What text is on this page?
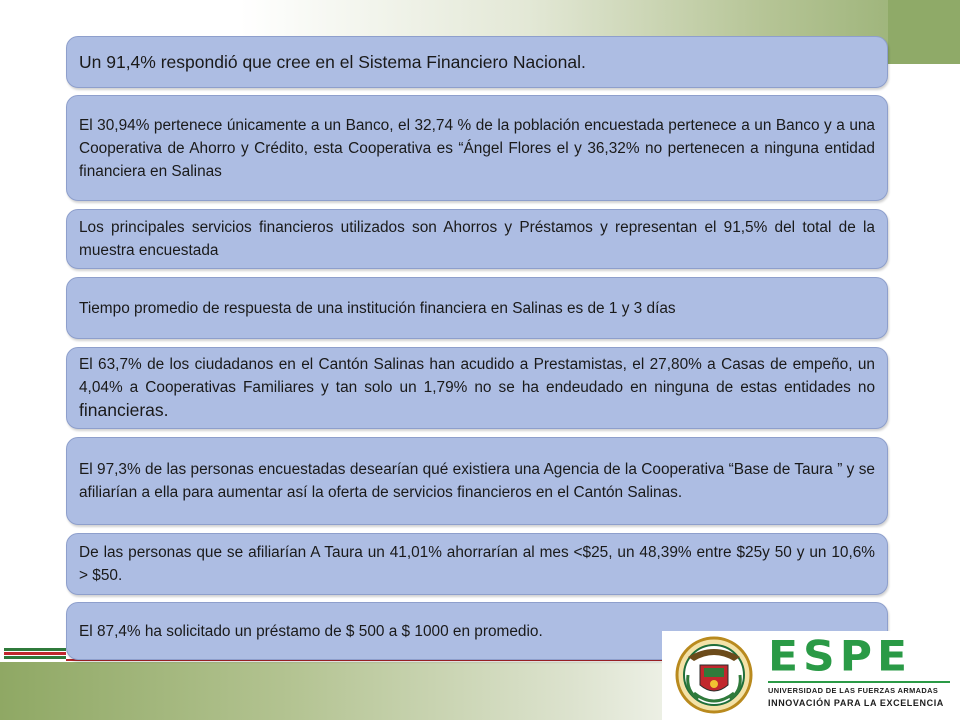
Un 91,4% respondió que cree en el Sistema Financiero Nacional.

El 30,94% pertenece únicamente a un Banco, el 32,74 % de la población encuestada pertenece a un Banco y a una Cooperativa de Ahorro y Crédito, esta Cooperativa es “Ángel Flores el y 36,32% no pertenecen a ninguna entidad financiera en Salinas

Los principales servicios financieros utilizados son Ahorros y Préstamos y representan el 91,5% del total de la muestra encuestada

Tiempo promedio de respuesta de una institución financiera en Salinas es de 1 y 3 días

El 63,7% de los ciudadanos en el Cantón Salinas han acudido a Prestamistas, el 27,80% a Casas de empeño, un 4,04% a Cooperativas Familiares y tan solo un 1,79% no se ha endeudado en ninguna de estas entidades no financieras.

El 97,3% de las personas encuestadas desearían qué existiera una Agencia de la Cooperativa “Base de Taura ” y se afiliarían a ella para aumentar así la oferta de servicios financieros en el Cantón Salinas.

De las personas que se afiliarían A Taura un 41,01% ahorrarían al mes <$25, un 48,39% entre $25y 50 y un 10,6% > $50.

El 87,4% ha solicitado un préstamo de $ 500 a $ 1000 en promedio.

ESPE
UNIVERSIDAD DE LAS FUERZAS ARMADAS
INNOVACIÓN PARA LA EXCELENCIA
